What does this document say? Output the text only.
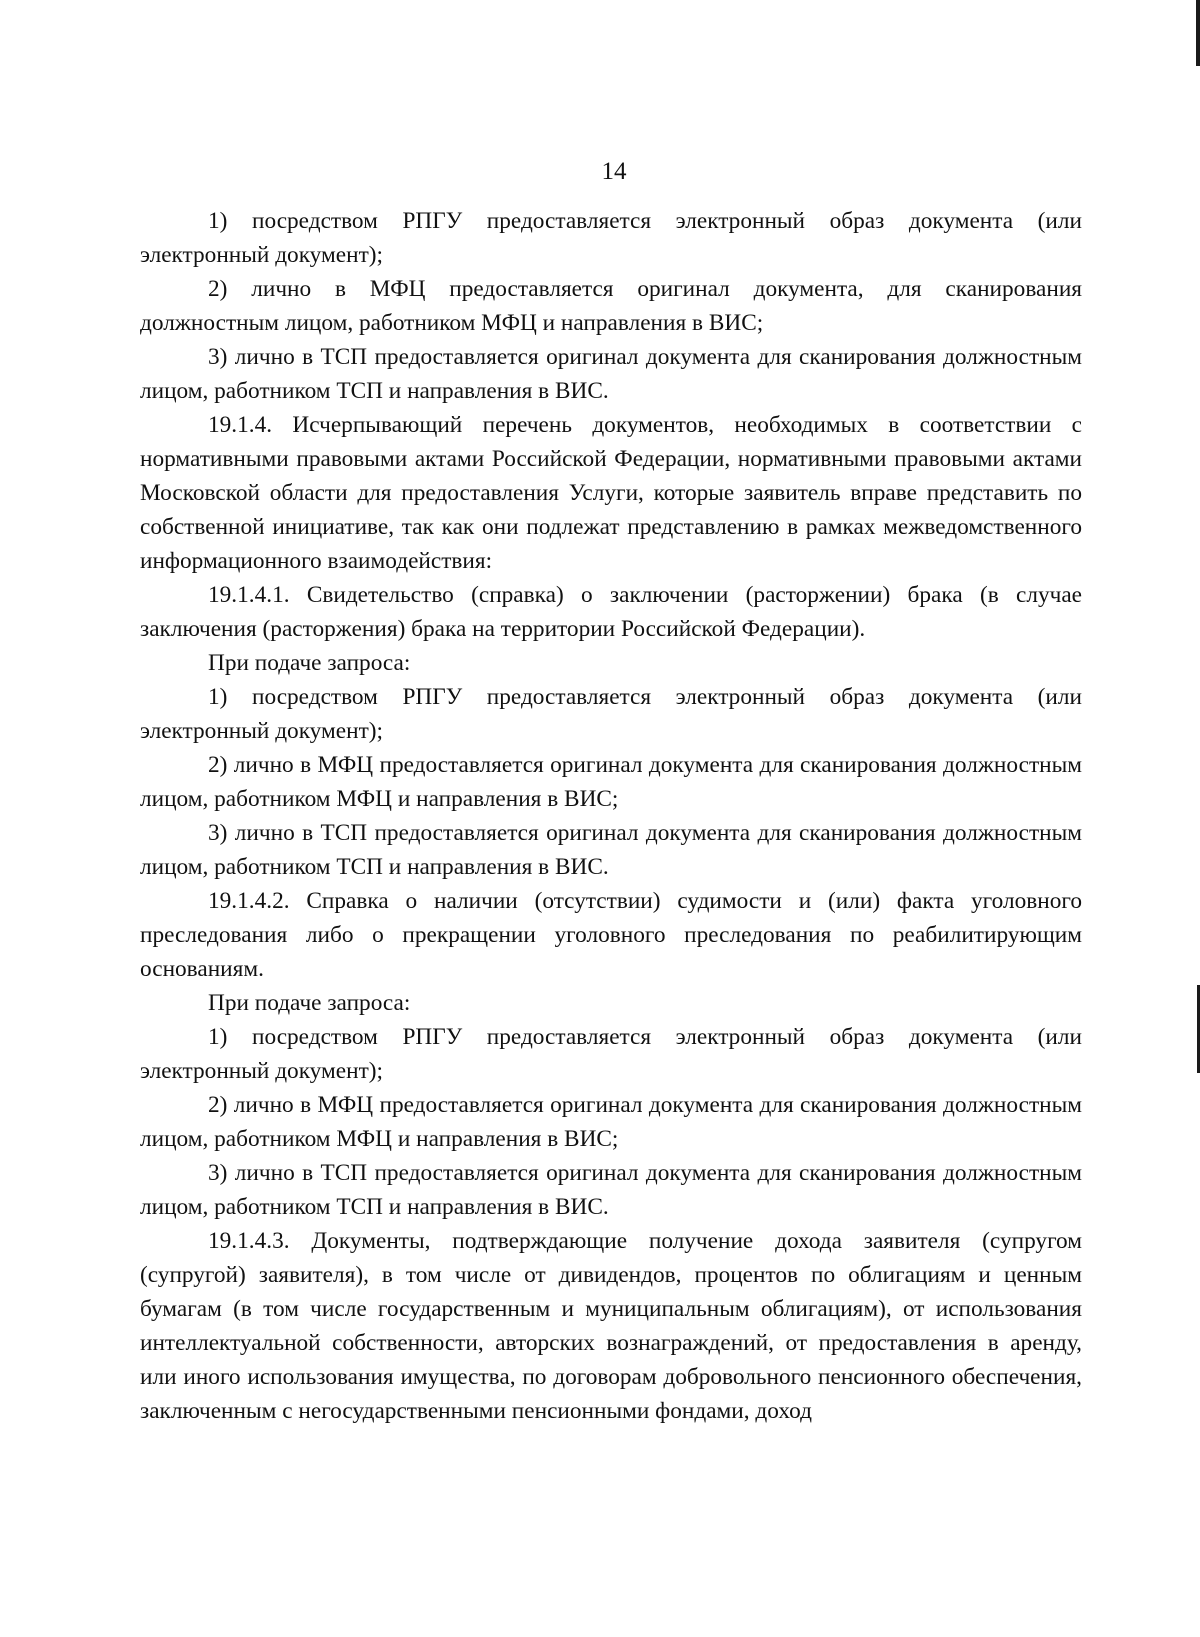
14

1) посредством РПГУ предоставляется электронный образ документа (или электронный документ);

2) лично в МФЦ предоставляется оригинал документа, для сканирования должностным лицом, работником МФЦ и направления в ВИС;

3) лично в ТСП предоставляется оригинал документа для сканирования должностным лицом, работником ТСП и направления в ВИС.

19.1.4. Исчерпывающий перечень документов, необходимых в соответствии с нормативными правовыми актами Российской Федерации, нормативными правовыми актами Московской области для предоставления Услуги, которые заявитель вправе представить по собственной инициативе, так как они подлежат представлению в рамках межведомственного информационного взаимодействия:

19.1.4.1. Свидетельство (справка) о заключении (расторжении) брака (в случае заключения (расторжения) брака на территории Российской Федерации).

При подаче запроса:

1) посредством РПГУ предоставляется электронный образ документа (или электронный документ);

2) лично в МФЦ предоставляется оригинал документа для сканирования должностным лицом, работником МФЦ и направления в ВИС;

3) лично в ТСП предоставляется оригинал документа для сканирования должностным лицом, работником ТСП и направления в ВИС.

19.1.4.2. Справка о наличии (отсутствии) судимости и (или) факта уголовного преследования либо о прекращении уголовного преследования по реабилитирующим основаниям.

При подаче запроса:

1) посредством РПГУ предоставляется электронный образ документа (или электронный документ);

2) лично в МФЦ предоставляется оригинал документа для сканирования должностным лицом, работником МФЦ и направления в ВИС;

3) лично в ТСП предоставляется оригинал документа для сканирования должностным лицом, работником ТСП и направления в ВИС.

19.1.4.3. Документы, подтверждающие получение дохода заявителя (супругом (супругой) заявителя), в том числе от дивидендов, процентов по облигациям и ценным бумагам (в том числе государственным и муниципальным облигациям), от использования интеллектуальной собственности, авторских вознаграждений, от предоставления в аренду, или иного использования имущества, по договорам добровольного пенсионного обеспечения, заключенным с негосударственными пенсионными фондами, доход
